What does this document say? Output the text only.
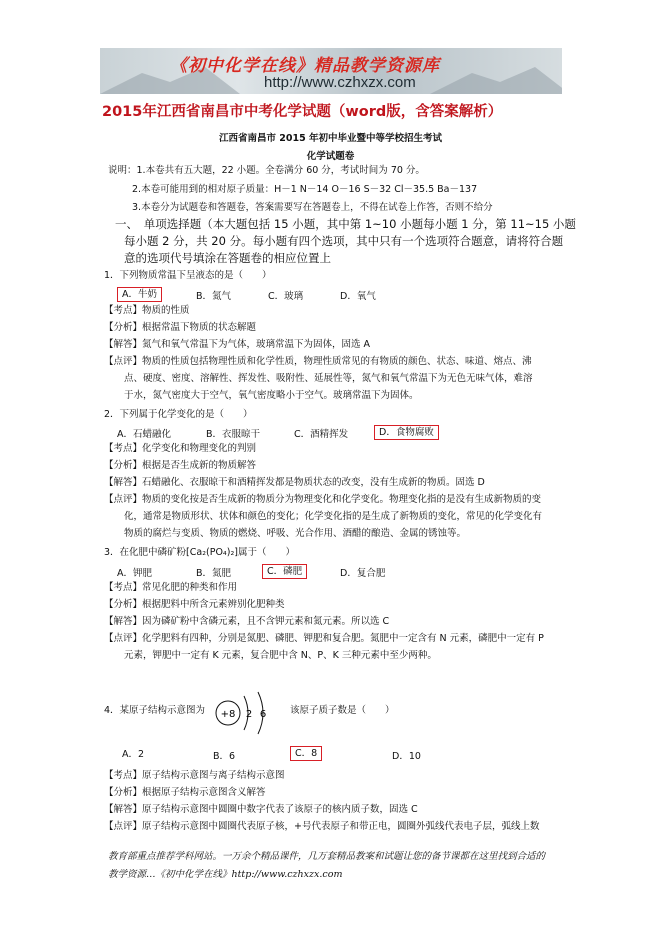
《初中化学在线》精品教学资源库
http://www.czhxzx.com
2015年江西省南昌市中考化学试题（word版，含答案解析）
江西省南昌市 2015 年初中毕业暨中等学校招生考试
化学试题卷
说明：1.本卷共有五大题，22 小题。全卷满分 60 分，考试时间为 70 分。
2.本卷可能用到的相对原子质量：H－1 N－14 O－16 S－32 Cl－35.5 Ba－137
3.本卷分为试题卷和答题卷，答案需要写在答题卷上，不得在试卷上作答，否则不给分
一、　单项选择题（本大题包括 15 小题，其中第 1~10 小题每小题 1 分，第 11~15 小题
每小题 2 分，共 20 分。每小题有四个选项，其中只有一个选项符合题意，请将符合题
意的选项代号填涂在答题卷的相应位置上
1．下列物质常温下呈液态的是（　　）
A．牛奶	B．氮气	C．玻璃	D．氧气
【考点】物质的性质
【分析】根据常温下物质的状态解题
【解答】氮气和氧气常温下为气体，玻璃常温下为固体，固选 A
【点评】物质的性质包括物理性质和化学性质，物理性质常见的有物质的颜色、状态、味道、熔点、沸
点、硬度、密度、溶解性、挥发性、吸附性、延展性等，氮气和氧气常温下为无色无味气体，难溶
于水，氮气密度大于空气，氧气密度略小于空气。玻璃常温下为固体。
2．下列属于化学变化的是（　　）
A．石蜡融化	B．衣服晾干	C．酒精挥发	D．食物腐败
【考点】化学变化和物理变化的判别
【分析】根据是否生成新的物质解答
【解答】石蜡融化、衣服晾干和酒精挥发都是物质状态的改变，没有生成新的物质。固选 D
【点评】物质的变化按是否生成新的物质分为物理变化和化学变化。物理变化指的是没有生成新物质的变
化，通常是物质形状、状体和颜色的变化；化学变化指的是生成了新物质的变化，常见的化学变化有
物质的腐烂与变质、物质的燃烧、呼吸、光合作用、酒醋的酿造、金属的锈蚀等。
3．在化肥中磷矿粉[Ca₂(PO₄)₂]属于（　　）
A．钾肥	B．氮肥	C．磷肥	D．复合肥
【考点】常见化肥的种类和作用
【分析】根据肥料中所含元素辨别化肥种类
【解答】因为磷矿粉中含磷元素，且不含钾元素和氮元素。所以选 C
【点评】化学肥料有四种，分别是氮肥、磷肥、钾肥和复合肥。氮肥中一定含有 N 元素，磷肥中一定有 P
元素，钾肥中一定有 K 元素，复合肥中含 N、P、K 三种元素中至少两种。
4．某原子结构示意图为 +8 2 6	该原子质子数是（　　）
A．2	B．6	C．8	D．10
【考点】原子结构示意图与离子结构示意图
【分析】根据原子结构示意图含义解答
【解答】原子结构示意图中圆圈中数字代表了该原子的核内质子数，固选 C
【点评】原子结构示意图中圆圈代表原子核，+号代表原子和带正电，圆圈外弧线代表电子层，弧线上数
教育部重点推荐学科网站。一万余个精品课件，几万套精品教案和试题让您的备节课都在这里找到合适的
教学资源…《初中化学在线》http://www.czhxzx.com
